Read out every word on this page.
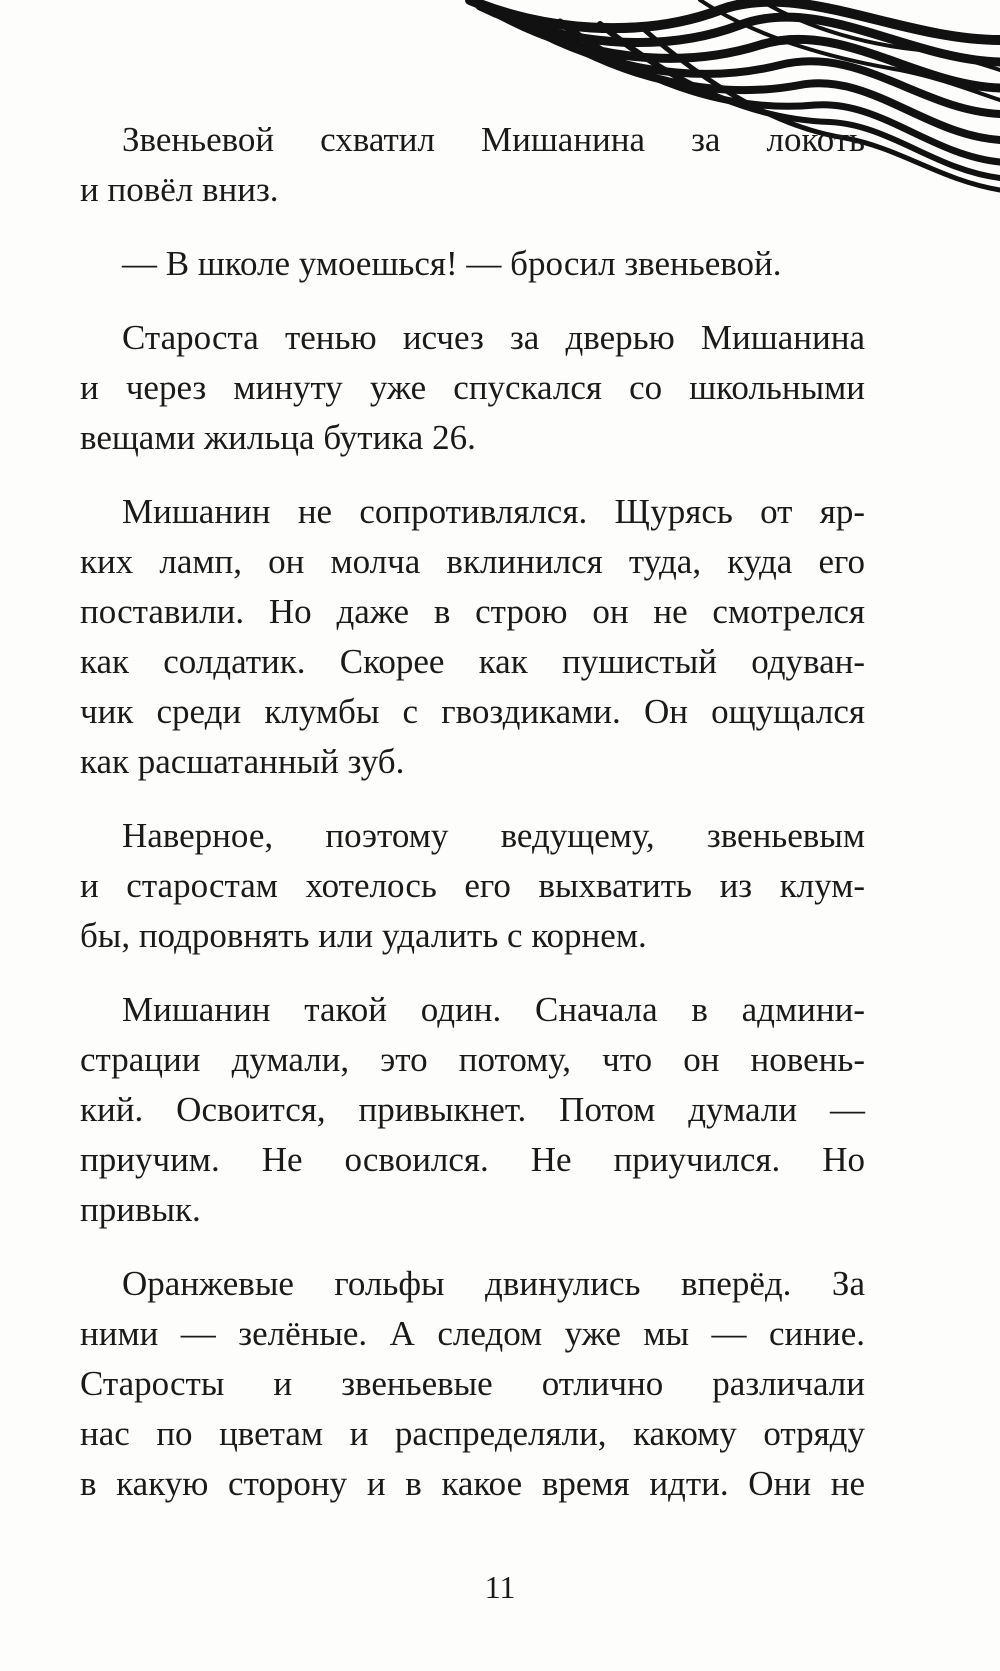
Звеньевой схватил Мишанина за локоть
и повёл вниз.
— В школе умоешься! — бросил звеньевой.
Староста тенью исчез за дверью Мишанина
и через минуту уже спускался со школьными
вещами жильца бутика 26.
Мишанин не сопротивлялся. Щурясь от яр-
ких ламп, он молча вклинился туда, куда его
поставили. Но даже в строю он не смотрелся
как солдатик. Скорее как пушистый одуван-
чик среди клумбы с гвоздиками. Он ощущался
как расшатанный зуб.
Наверное, поэтому ведущему, звеньевым
и старостам хотелось его выхватить из клум-
бы, подровнять или удалить с корнем.
Мишанин такой один. Сначала в админи-
страции думали, это потому, что он новень-
кий. Освоится, привыкнет. Потом думали —
приучим. Не освоился. Не приучился. Но
привык.
Оранжевые гольфы двинулись вперёд. За
ними — зелёные. А следом уже мы — синие.
Старосты и звеньевые отлично различали
нас по цветам и распределяли, какому отряду
в какую сторону и в какое время идти. Они не
11
